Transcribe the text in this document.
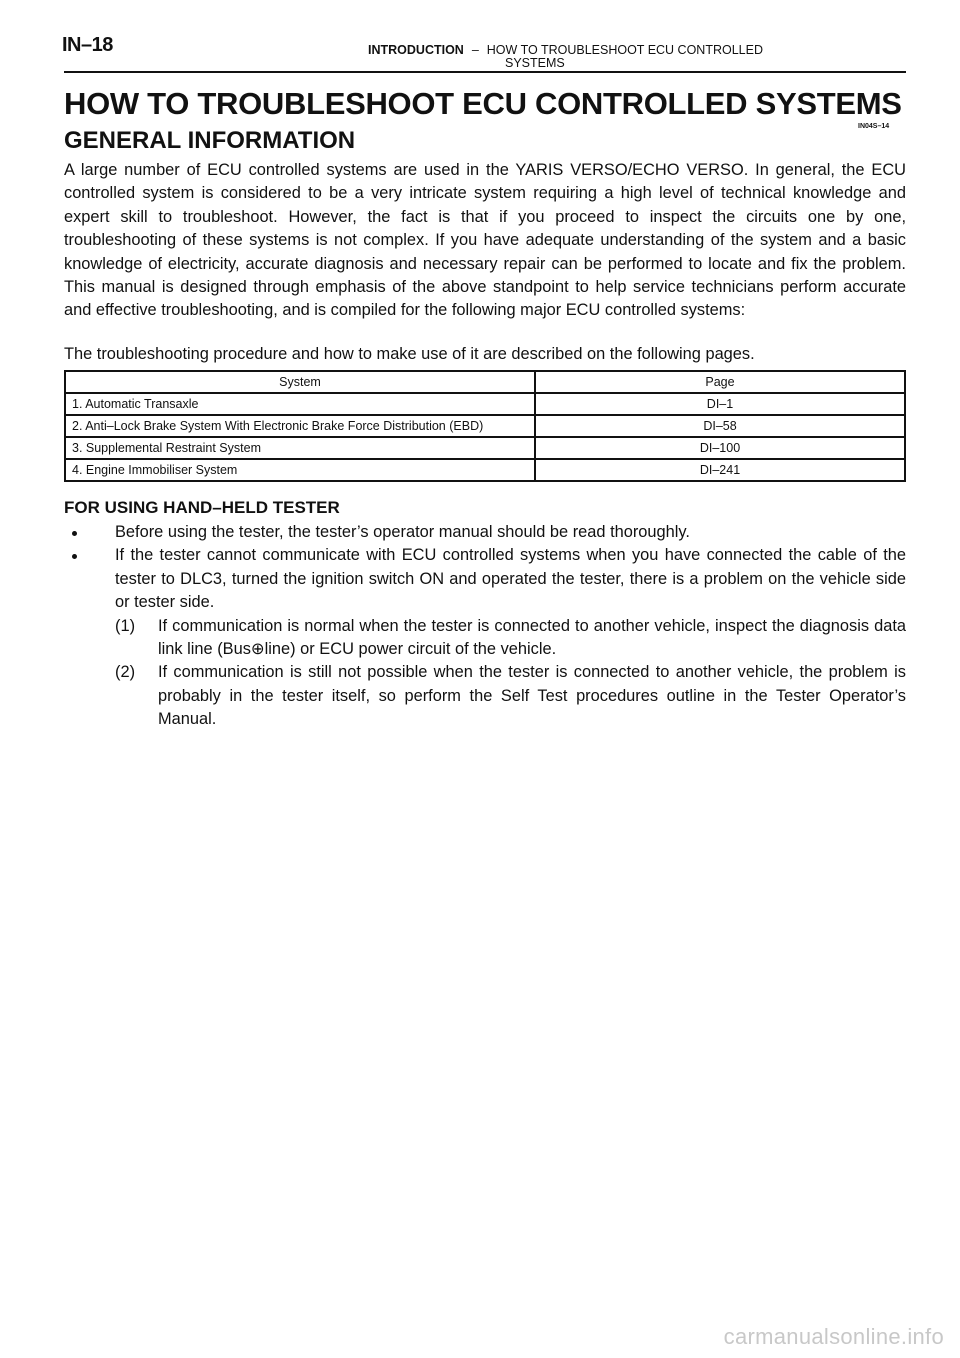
IN–18	INTRODUCTION – HOW TO TROUBLESHOOT ECU CONTROLLED
SYSTEMS
HOW TO TROUBLESHOOT ECU CONTROLLED SYSTEMS
IN04S–14
GENERAL INFORMATION

A large number of ECU controlled systems are used in the YARIS VERSO/ECHO VERSO. In general, the ECU controlled system is considered to be a very intricate system requiring a high level of technical knowledge and expert skill to troubleshoot. However, the fact is that if you proceed to inspect the circuits one by one, troubleshooting of these systems is not complex. If you have adequate understanding of the system and a basic knowledge of electricity, accurate diagnosis and necessary repair can be performed to locate and fix the problem. This manual is designed through emphasis of the above standpoint to help service technicians perform accurate and effective troubleshooting, and is compiled for the following major ECU controlled systems:

The troubleshooting procedure and how to make use of it are described on the following pages.

System	Page
1. Automatic Transaxle	DI–1
2. Anti–Lock Brake System With Electronic Brake Force Distribution (EBD)	DI–58
3. Supplemental Restraint System	DI–100
4. Engine Immobiliser System	DI–241
FOR USING HAND–HELD TESTER
Before using the tester, the tester’s operator manual should be read thoroughly.
If the tester cannot communicate with ECU controlled systems when you have connected the cable of the tester to DLC3, turned the ignition switch ON and operated the tester, there is a problem on the vehicle side or tester side.
(1) If communication is normal when the tester is connected to another vehicle, inspect the diagnosis data link line (Bus⊕line) or ECU power circuit of the vehicle.
(2) If communication is still not possible when the tester is connected to another vehicle, the problem is probably in the tester itself, so perform the Self Test procedures outline in the Tester Operator’s Manual.
carmanualsonline.info
